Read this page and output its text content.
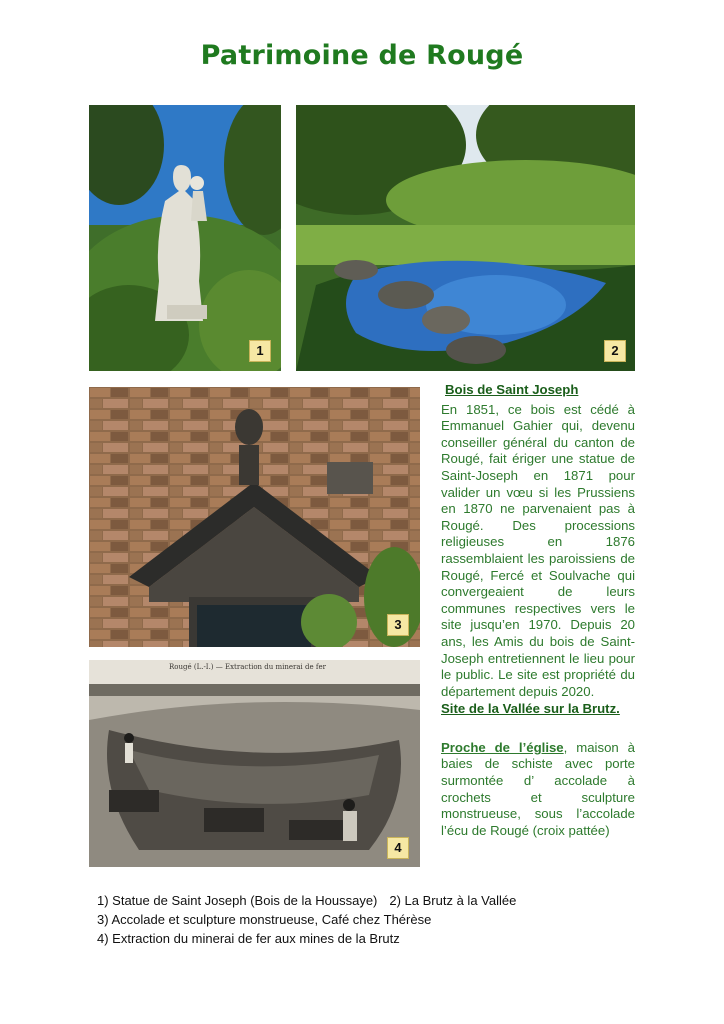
Patrimoine de Rougé
1	2
3
Rougé (L.-I.) — Extraction du minerai de fer
4
Bois de Saint Joseph
En 1851, ce bois est cédé à Emmanuel Gahier qui, devenu conseiller général du canton de Rougé, fait ériger une statue de Saint-Joseph en 1871 pour valider un vœu si les Prussiens en 1870 ne parvenaient pas à Rougé. Des processions religieuses en 1876 rassemblaient les paroissiens de Rougé, Fercé et Soulvache qui convergeaient de leurs communes respectives vers le site jusqu’en 1970. Depuis 20 ans, les Amis du bois de Saint-Joseph entretiennent le lieu pour le public. Le site est propriété du département depuis 2020.
Site de la Vallée sur la Brutz.
Proche de l’église, maison à baies de schiste avec porte surmontée d’ accolade à crochets et sculpture monstrueuse, sous l’accolade l’écu de Rougé (croix pattée)
1) Statue de Saint Joseph (Bois de la Houssaye) 2) La Brutz à la Vallée
3) Accolade et sculpture monstrueuse, Café chez Thérèse
4) Extraction du minerai de fer aux mines de la Brutz
